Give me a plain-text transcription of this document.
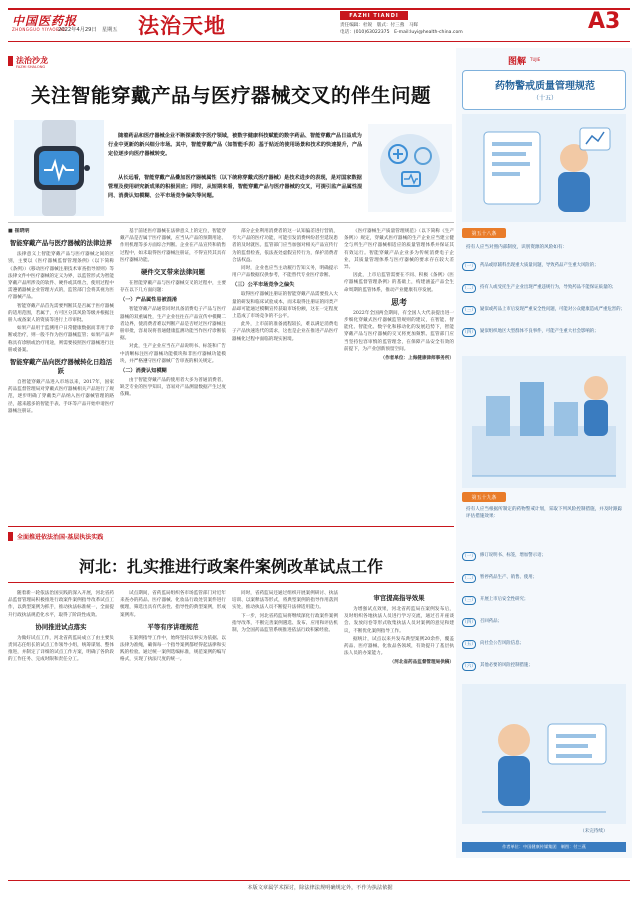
中国医药报
ZHONGGUO YIYAOBAO
2022年4月29日　星期五 法治天地	FAZHI TIANDI
责任编辑：杜锐　版式：付三燕　马晖
电话：(010)63022375　E-mail:luyi@health-china.com	A3
法治沙龙
FAZHI SHALONG
关注智能穿戴产品与医疗器械交叉的伴生问题
随着药品和医疗器械企业不断探索数字医疗领域，被数字健康科技赋能的数字药品、智能穿戴产品日益成为行业中更新的新兴细分市场。其中，智能穿戴产品（如智能手表）基于贴近的使用场景和技术的快速提升，产品定位逐步向医疗器械转变。
从长远看，智能穿戴产品叠加医疗器械属性（以下统称穿戴式医疗器械）是技术进步的表现，是对国家数据管理及使用研究新成果的积极回应；同时，从短期来看，智能穿戴产品与医疗器械的交叉，可提引监产品属性混同、消费认知模糊、公平市场竞争偏失等问题。
■ 崔晓明
智能穿戴产品与医疗器械的法律边界

法律意义上智能穿戴产品与医疗器械之间的区别，主要以《医疗器械监督管理条例》（以下简称《条例》）《移动医疗器械注册技术审查指导原则》等法律文件中医疗器械的定义为界，以监管形式为智能穿戴产品所涉及的软件、硬件或其组合，使用过程中需遵循器械企业管理方式的，监管部门会将其视为医疗器械产品。

智能穿戴产品首先需要判断其是否属于医疗器械的适用范围，若属于，方可区分其风险等级并根据注册人或备案人的资质等进行上市审批。

如果产品用于监测用户日常健康数据而非用于诊断或治疗，则一般不作为医疗器械监管；如果产品声称具有诊断或治疗用途，则需要按照医疗器械进行注册或备案。

智能穿戴产品向医疗器械转化日趋活跃

自智能穿戴产品进入市场以来，2017年，国家药品监督管理局对穿戴式医疗器械相关产品进行了规范，逐步明确了穿戴类产品纳入医疗器械管理的路径，越来越多的智能手表、手环等产品开始申请医疗器械注册证。

基于前述医疗器械在法律意义上的定位，智能穿戴产品是否属于医疗器械，应当从产品的预期用途、作用机理等多方面综合判断。企业在产品宣传和销售过程中，如未取得医疗器械注册证，不得宣传其具有医疗器械功能。

硬件交叉带来法律问题

在智能穿戴产品与医疗器械交叉的过程中，主要存在以下几方面问题：

（一）产品属性易被混淆

智能穿戴产品通常同时具备消费电子产品与医疗器械的双重属性，生产企业往往在产品宣传中模糊二者边界，使消费者难以判断产品是否经过医疗器械注册审批，容易误将普通健康监测功能当作医疗诊断依据。

对此，生产企业应当在产品说明书、标签和广告中清晰标注医疗器械功能模块和非医疗器械功能模块，并严格遵守医疗器械广告审查的相关规定。

（二）消费认知模糊

由于智能穿戴产品的使用者大多为普通消费者，缺乏专业的医学知识，容易对产品测量数据产生过度依赖。

部分企业利用消费者的这一认知偏差进行营销，夸大产品的医疗功能，可能引发消费纠纷甚至延误患者的及时就医。监管部门应当加强对相关产品宣传行为的监督检查，依法查处虚假宣传行为，保护消费者合法权益。

同时，企业也应当主动履行告知义务，明确提示用户产品数据仅供参考，不能替代专业医疗诊断。

（三）公平市场竞争之偏失

取得医疗器械注册证的智能穿戴产品需要投入大量的研发和临床试验成本，而未取得注册证的同类产品却可能通过模糊宣传获取市场份额，这在一定程度上造成了市场竞争的不公平。

此外，上市前的准备流程较长，难以满足消费电子产品快速迭代的需求，这也是企业在推进产品医疗器械化过程中面临的现实困境。

《医疗器械生产质量管理规范》（以下简称《生产条例》）规定，穿戴式医疗器械的生产企业应当建立健全与所生产医疗器械相适应的质量管理体系并保证其有效运行。智能穿戴产品企业多为传统消费电子企业，其质量管理体系与医疗器械的要求存在较大差异。

因此，上市后监管需要在不同、积极《条例》《医疗器械监督管理条例》的基础上，构建涵盖产品全生命周期的监管体系，推动产业健康有序发展。

思考

2022年全国两会期间，有全国人大代表提出进一步细化穿戴式医疗器械监管规则的建议，在智能、智能化、智能化、数字化和移动化的发展趋势下，智能穿戴产品与医疗器械的交叉将更加频繁。监管部门应当坚持包容审慎的监管理念，在保障产品安全有效的前提下，为产业创新预留空间。

（作者单位：上海健康律师事务所）
图解 TUJIE
药物警戒质量管理规范
（十五）
第五十八条
持有人应当对照内部制度，识别资源的风险如有：
（一） 药品或原辅料出现重大质量问题，导致药品产生重大风险的；
（二） 持有人或受托生产企业出现严重违规行为，导致药品不能保证质量的；
（三） 疑似或药品上市后发现严重安全性问题，可能对公众健康造成严重危害的；
（四） 疑似组织地区大型群体不良事件，可能产生重大社会影响的；
第五十九条
持有人应当根据所制定的药物警戒计划，采取下列风险控制措施，并及时跟踪评估措施效果：
（一） 修订说明书、标签，增加警示语；
（二） 暂停药品生产、销售、使用；
（三） 开展上市后安全性研究；
（四） 召回药品；
（五） 向社会公告风险信息；
（六） 其他必要的风险控制措施；
（未完待续）
作者单位：中国健康传媒集团　制图：付三燕
全面推进依法治国·基层执法实践
河北：扎实推进行政案件案例改革试点工作

随着新一轮依法治国实践的深入开展，河北省药品监督管理局积极推进行政案件案例指导改革试点工作，以典型案例为抓手，推动执法标准统一，全面提升行政执法规范化水平，取得了阶段性成效。

协同推进试点落实

为做好试点工作，河北省药监局成立了由主要负责同志任组长的试点工作领导小组，统筹谋划、整体推进，并制定了详细的试点工作方案，明确了各阶段的工作任务、完成时限和责任分工。

试点期间，省药监局组织各市场监管部门对近年来查办的药品、医疗器械、化妆品行政处罚案件进行梳理，筛选出具有代表性、指导性的典型案例，形成案例库。

平等有序讲理规范

在案例指导工作中，始终坚持以事实为依据、以法律为准绳，确保每一个指导案例都经得起法律和实践的检验。通过统一案例选编标准，规范案例的编写格式，实现了执法尺度的统一。

同时，省药监局还通过组织开展案例研讨、执法培训、以案释法等形式，将典型案例的指导作用落到实处，推动执法人员不断提升法律适用能力。

下一步，河北省药监局将继续深化行政案件案例指导改革，不断完善案例遴选、发布、应用和评估机制，为全国药品监管系统推进依法行政积累经验。

审官提高指导效果

为增强试点效果，河北省药监局在案例发布后，及时组织各地执法人员进行学习交流，通过召开座谈会、发放问卷等形式收集执法人员对案例的意见和建议，不断优化案例指导工作。

据统计，试点以来共发布典型案例20余件，覆盖药品、医疗器械、化妆品各领域，有效提升了基层执法人员的办案能力。

（河北省药品监督管理局供稿）
本版文章属学术探讨，除法律法规明确规定外，不作为执法依据
